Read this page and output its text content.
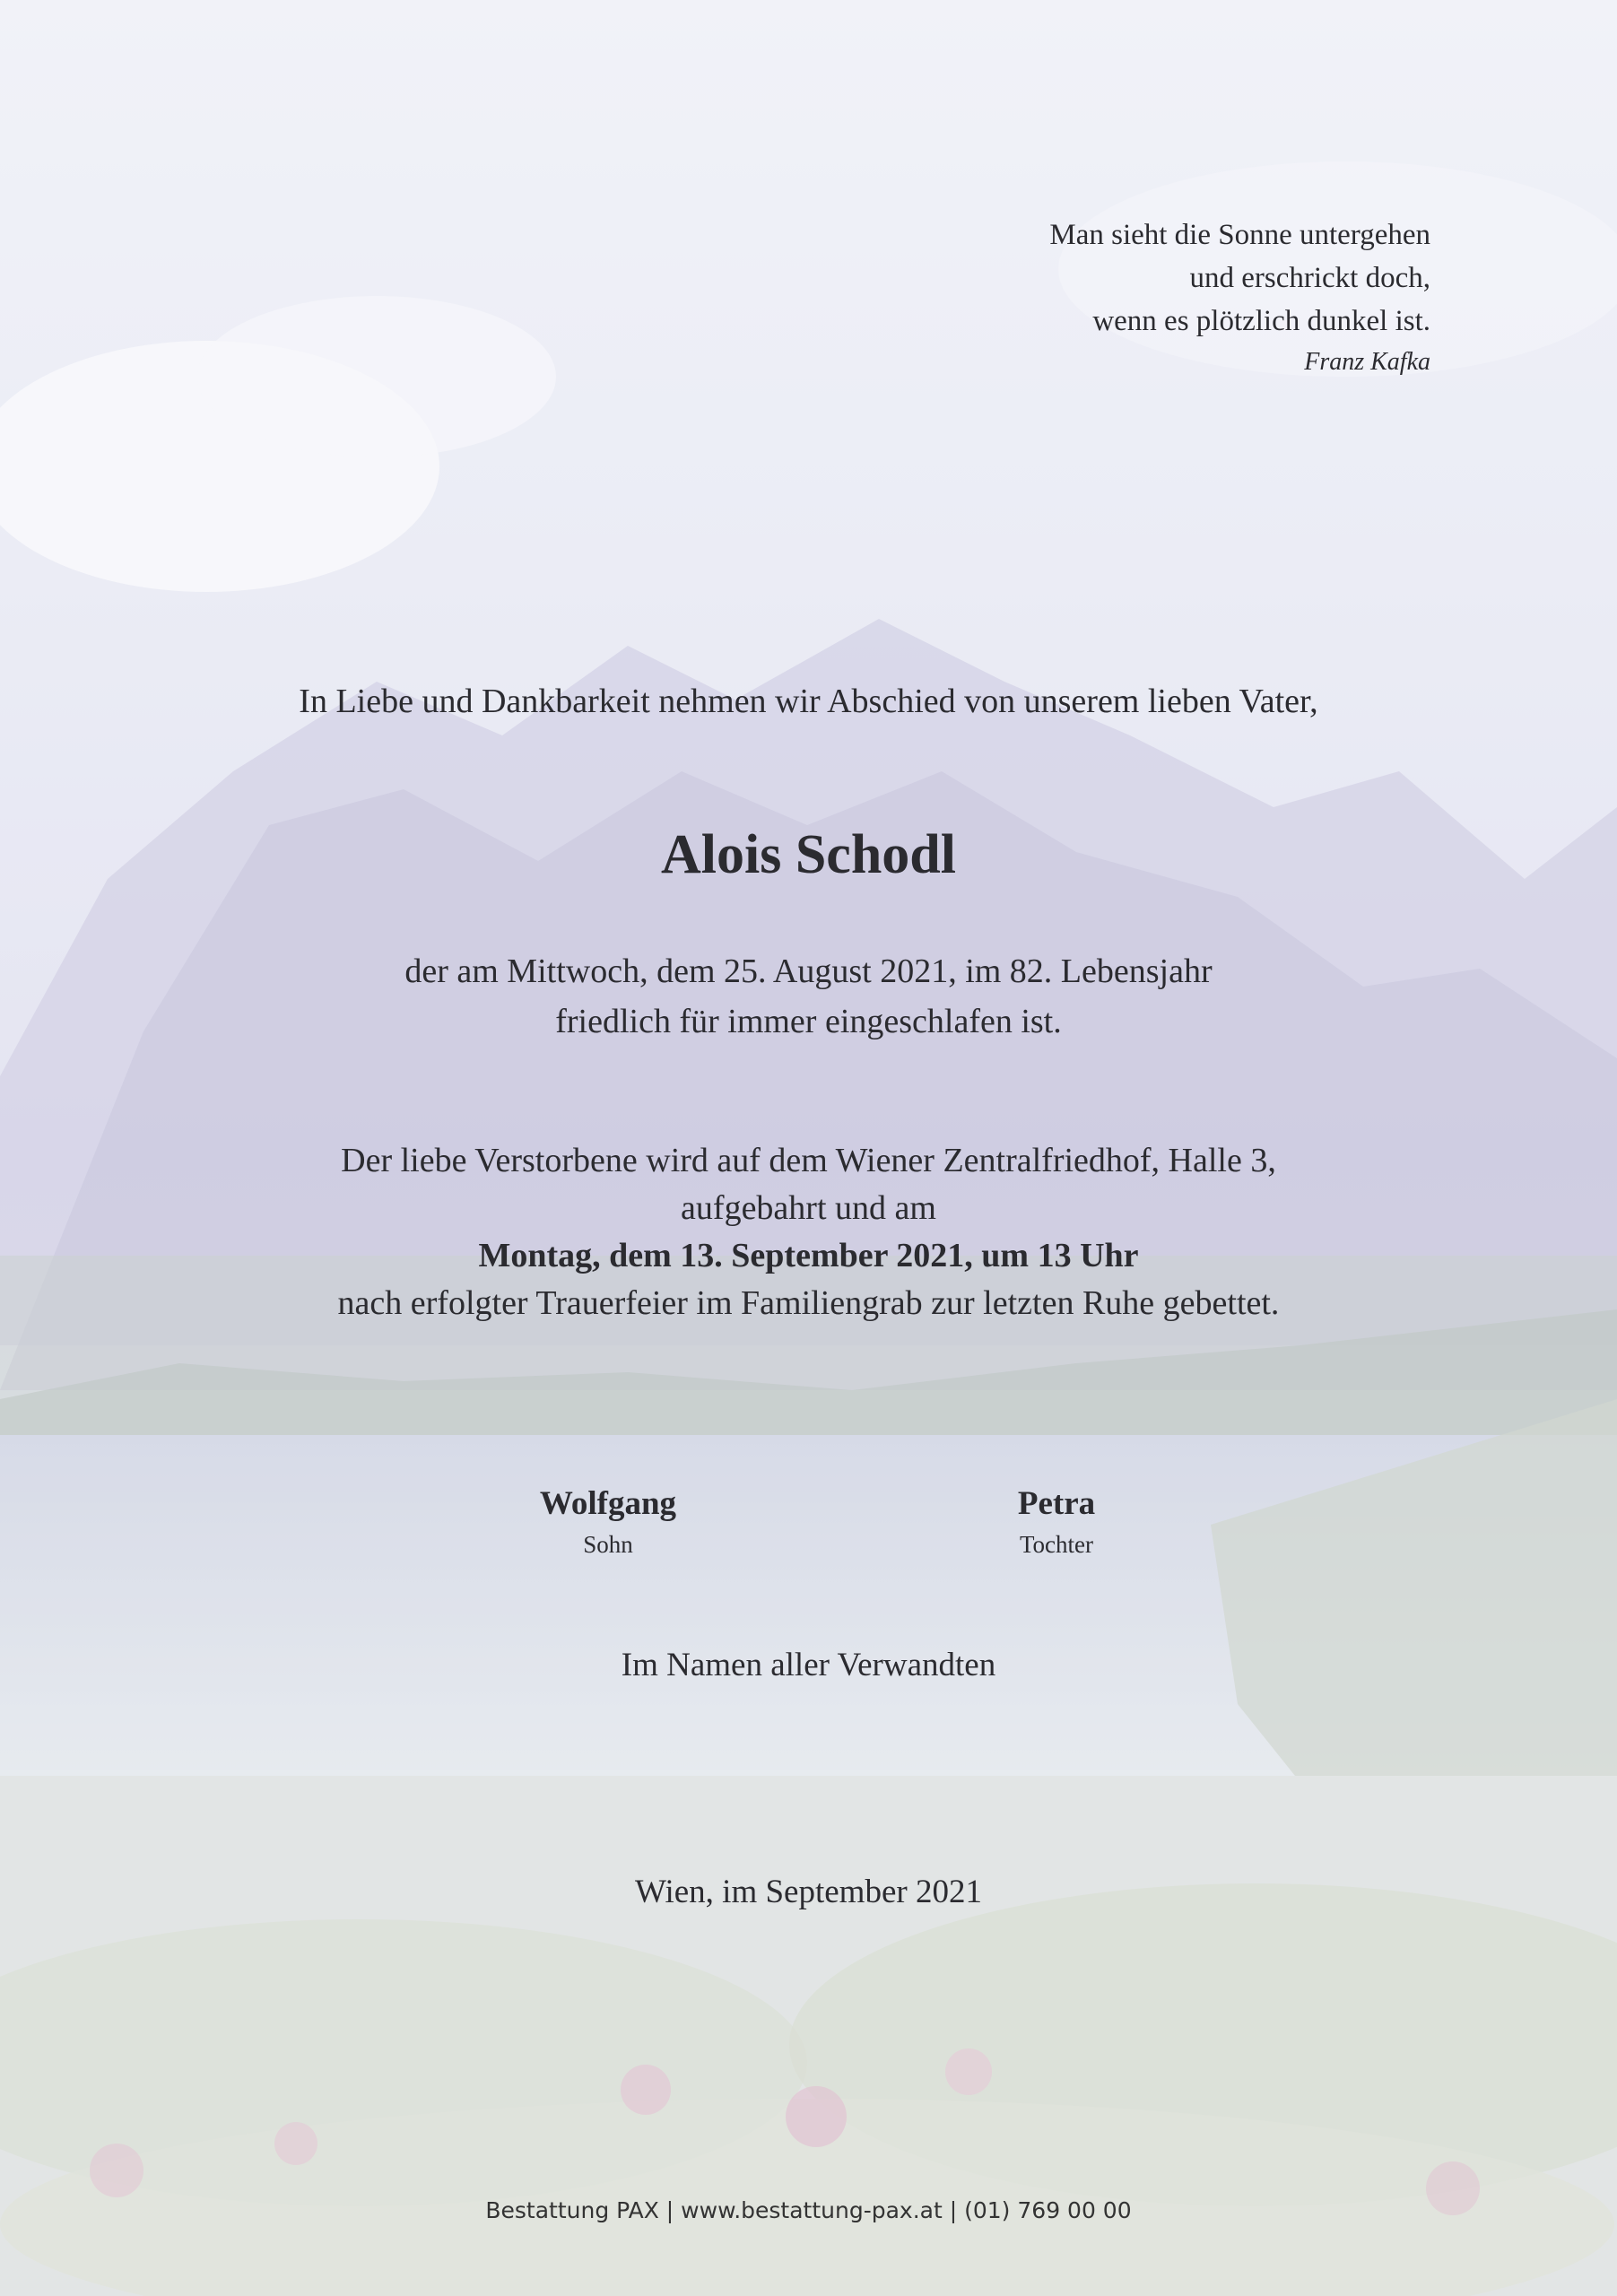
Man sieht die Sonne untergehen
und erschrickt doch,
wenn es plötzlich dunkel ist.
Franz Kafka
In Liebe und Dankbarkeit nehmen wir Abschied von unserem lieben Vater,
Alois Schodl
der am Mittwoch, dem 25. August 2021, im 82. Lebensjahr
friedlich für immer eingeschlafen ist.
Der liebe Verstorbene wird auf dem Wiener Zentralfriedhof, Halle 3,
aufgebahrt und am
Montag, dem 13. September 2021, um 13 Uhr
nach erfolgter Trauerfeier im Familiengrab zur letzten Ruhe gebettet.
Wolfgang
Sohn
Petra
Tochter
Im Namen aller Verwandten
Wien, im September 2021
Bestattung PAX | www.bestattung-pax.at | (01) 769 00 00
